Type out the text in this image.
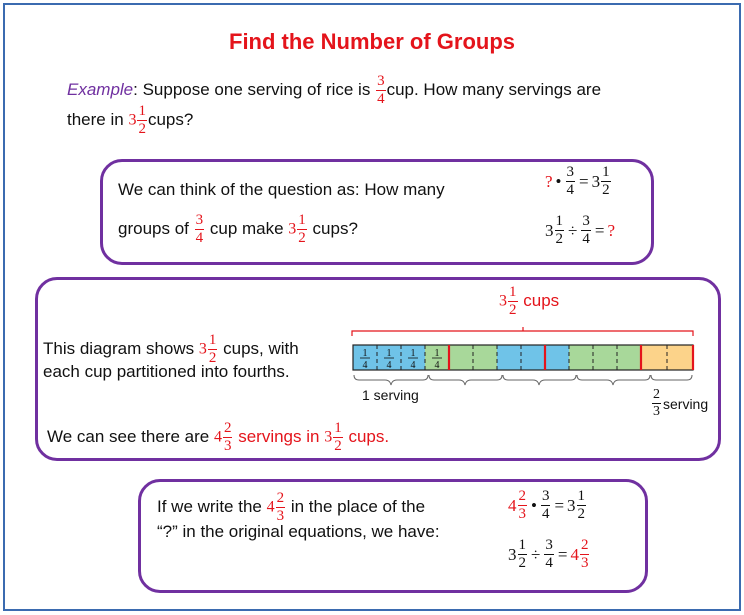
Find the Number of Groups
Example: Suppose one serving of rice is $\frac{3}{4}$ cup. How many servings are
there in $3 \frac{1}{2}$ cups?
We can think of the question as: How many
groups of $\frac{3}{4}$ cup make $3 \frac{1}{2}$ cups?
? • $\frac{3}{4} = 3 \frac{1}{2}$
$3 \frac{1}{2} \div \frac{3}{4}$ = ?
This diagram shows $3 \frac{1}{2}$ cups, with
each cup partitioned into fourths.
We can see there are $4 \frac{2}{3}$ servings in $3 \frac{1}{2}$ cups.
$3 \frac{1}{2}$ cups
1
4
1
4
1
4
1
4
1 serving	$\frac{2}{3}$ serving
If we write the $4 \frac{2}{3}$ in the place of the
“?” in the original equations, we have:
$4 \frac{2}{3}$ • $\frac{3}{4} = 3 \frac{1}{2}$
$3 \frac{1}{2} \div \frac{3}{4} = 4 \frac{2}{3}$
